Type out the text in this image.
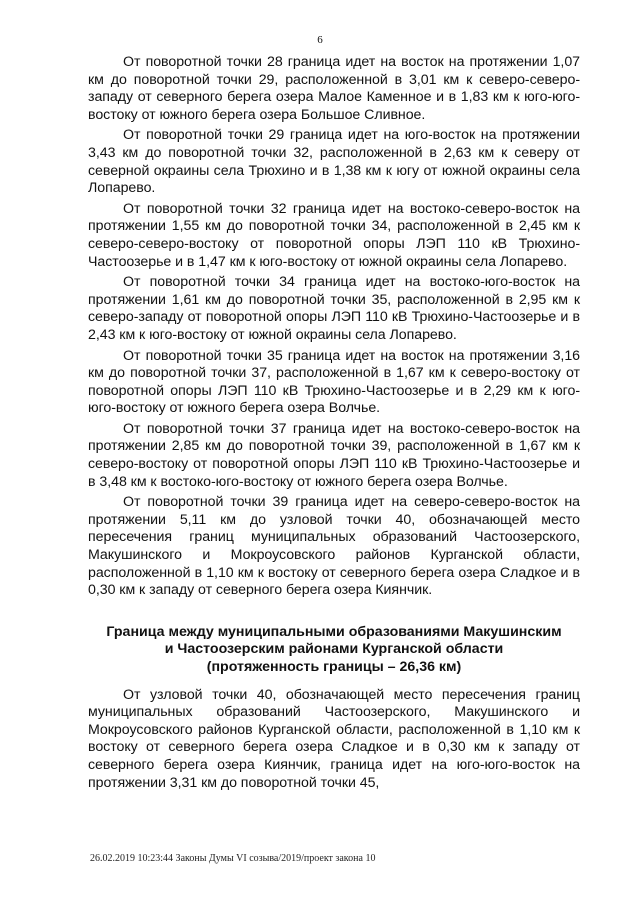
6

От поворотной точки 28 граница идет на восток на протяжении 1,07 км до поворотной точки 29, расположенной в 3,01 км к северо-северо-западу от северного берега озера Малое Каменное и в 1,83 км к юго-юго-востоку от южного берега озера Большое Сливное.

От поворотной точки 29 граница идет на юго-восток на протяжении 3,43 км до поворотной точки 32, расположенной в 2,63 км к северу от северной окраины села Трюхино и в 1,38 км к югу от южной окраины села Лопарево.

От поворотной точки 32 граница идет на востоко-северо-восток на протяжении 1,55 км до поворотной точки 34, расположенной в 2,45 км к северо-северо-востоку от поворотной опоры ЛЭП 110 кВ Трюхино-Частоозерье и в 1,47 км к юго-востоку от южной окраины села Лопарево.

От поворотной точки 34 граница идет на востоко-юго-восток на протяжении 1,61 км до поворотной точки 35, расположенной в 2,95 км к северо-западу от поворотной опоры ЛЭП 110 кВ Трюхино-Частоозерье и в 2,43 км к юго-востоку от южной окраины села Лопарево.

От поворотной точки 35 граница идет на восток на протяжении 3,16 км до поворотной точки 37, расположенной в 1,67 км к северо-востоку от поворотной опоры ЛЭП 110 кВ Трюхино-Частоозерье и в 2,29 км к юго-юго-востоку от южного берега озера Волчье.

От поворотной точки 37 граница идет на востоко-северо-восток на протяжении 2,85 км до поворотной точки 39, расположенной в 1,67 км к северо-востоку от поворотной опоры ЛЭП 110 кВ Трюхино-Частоозерье и в 3,48 км к востоко-юго-востоку от южного берега озера Волчье.

От поворотной точки 39 граница идет на северо-северо-восток на протяжении 5,11 км до узловой точки 40, обозначающей место пересечения границ муниципальных образований Частоозерского, Макушинского и Мокроусовского районов Курганской области, расположенной в 1,10 км к востоку от северного берега озера Сладкое и в 0,30 км к западу от северного берега озера Киянчик.

Граница между муниципальными образованиями Макушинским
и Частоозерским районами Курганской области
(протяженность границы – 26,36 км)

От узловой точки 40, обозначающей место пересечения границ муниципальных образований Частоозерского, Макушинского и Мокроусовского районов Курганской области, расположенной в 1,10 км к востоку от северного берега озера Сладкое и в 0,30 км к западу от северного берега озера Киянчик, граница идет на юго-юго-восток на протяжении 3,31 км до поворотной точки 45,

26.02.2019 10:23:44 Законы Думы VI созыва/2019/проект закона 10
